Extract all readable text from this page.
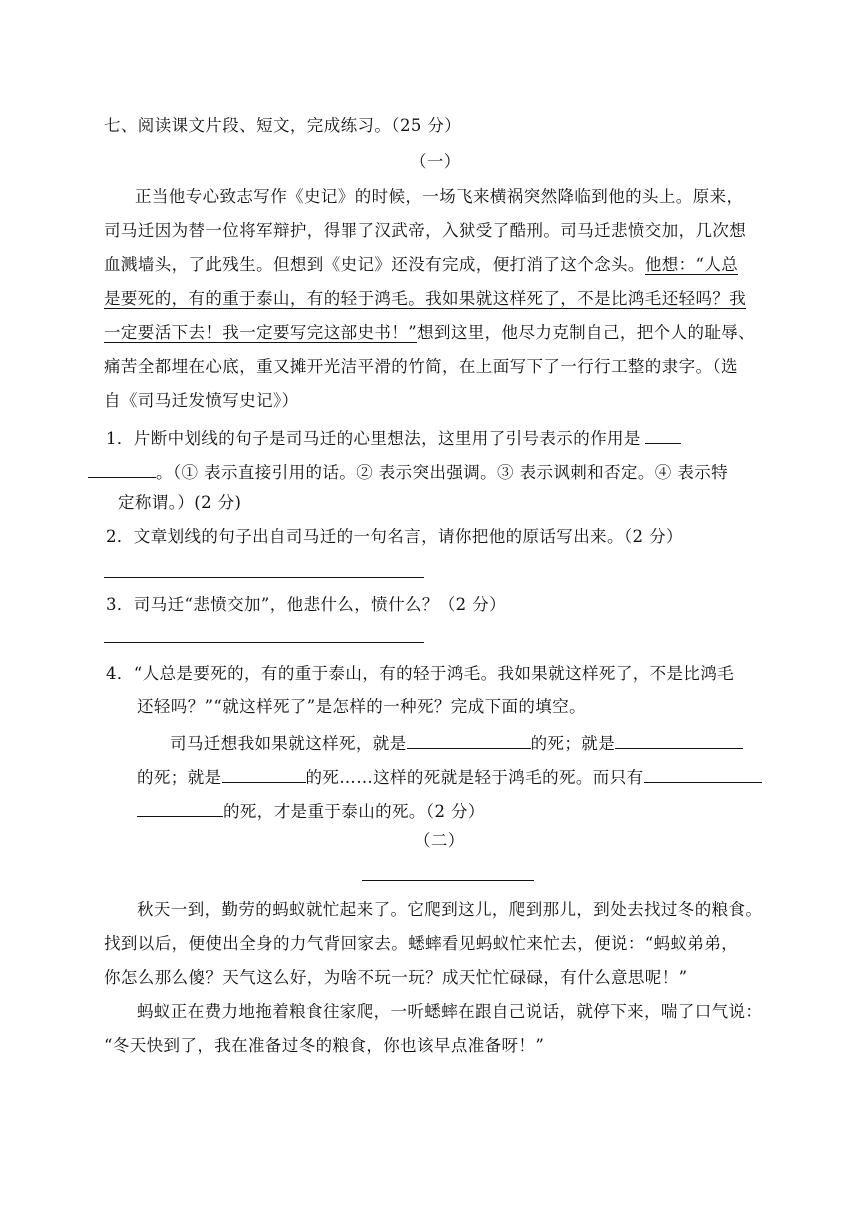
七、阅读课文片段、短文，完成练习。（25 分）
（一）
正当他专心致志写作《史记》的时候，一场飞来横祸突然降临到他的头上。原来，
司马迁因为替一位将军辩护，得罪了汉武帝，入狱受了酷刑。司马迁悲愤交加，几次想
血溅墙头，了此残生。但想到《史记》还没有完成，便打消了这个念头。他想：“人总
是要死的，有的重于泰山，有的轻于鸿毛。我如果就这样死了，不是比鸿毛还轻吗？我
一定要活下去！我一定要写完这部史书！”想到这里，他尽力克制自己，把个人的耻辱、
痛苦全都埋在心底，重又摊开光洁平滑的竹简，在上面写下了一行行工整的隶字。（选
自《司马迁发愤写史记》）
1．片断中划线的句子是司马迁的心里想法，这里用了引号表示的作用是
。（① 表示直接引用的话。② 表示突出强调。③ 表示讽刺和否定。④ 表示特
定称谓。）(2 分)
2．文章划线的句子出自司马迁的一句名言，请你把他的原话写出来。（2 分）
3．司马迁“悲愤交加”，他悲什么，愤什么？（2 分）
4．“人总是要死的，有的重于泰山，有的轻于鸿毛。我如果就这样死了，不是比鸿毛
还轻吗？”“就这样死了”是怎样的一种死？完成下面的填空。
司马迁想我如果就这样死，就是	的死；就是
的死；就是	的死……这样的死就是轻于鸿毛的死。而只有
的死，才是重于泰山的死。（2 分）
（二）
秋天一到，勤劳的蚂蚁就忙起来了。它爬到这儿，爬到那儿，到处去找过冬的粮食。
找到以后，便使出全身的力气背回家去。蟋蟀看见蚂蚁忙来忙去，便说：“蚂蚁弟弟，
你怎么那么傻？天气这么好，为啥不玩一玩？成天忙忙碌碌，有什么意思呢！”
蚂蚁正在费力地拖着粮食往家爬，一听蟋蟀在跟自己说话，就停下来，喘了口气说：
“冬天快到了，我在准备过冬的粮食，你也该早点准备呀！”
